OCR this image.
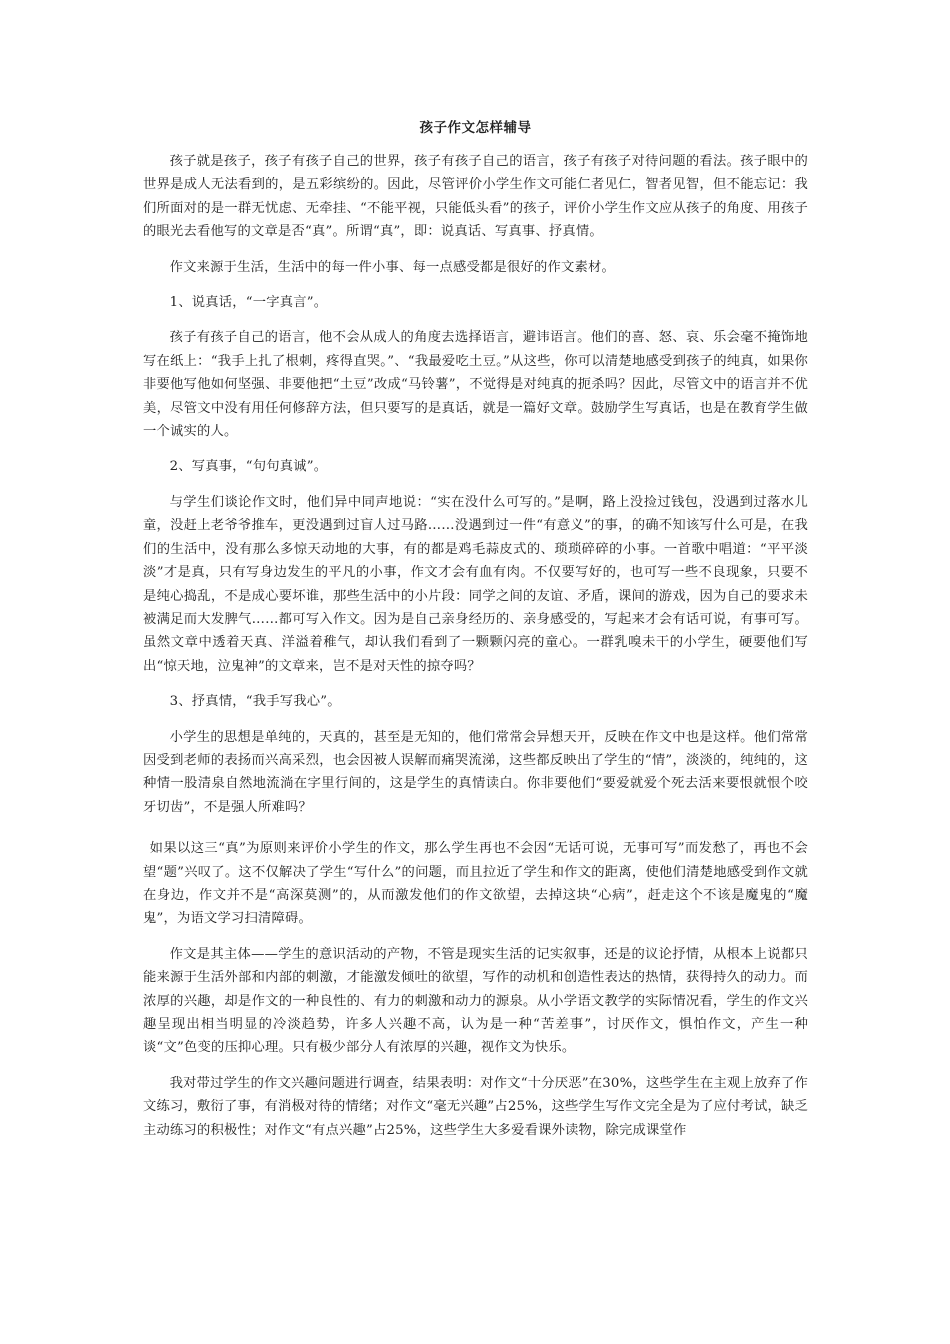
孩子作文怎样辅导

孩子就是孩子，孩子有孩子自己的世界，孩子有孩子自己的语言，孩子有孩子对待问题的看法。孩子眼中的世界是成人无法看到的，是五彩缤纷的。因此，尽管评价小学生作文可能仁者见仁，智者见智，但不能忘记：我们所面对的是一群无忧虑、无牵挂、“不能平视，只能低头看”的孩子，评价小学生作文应从孩子的角度、用孩子的眼光去看他写的文章是否“真”。所谓“真”，即：说真话、写真事、抒真情。

作文来源于生活，生活中的每一件小事、每一点感受都是很好的作文素材。

1、说真话，“一字真言”。

孩子有孩子自己的语言，他不会从成人的角度去选择语言，避讳语言。他们的喜、怒、哀、乐会毫不掩饰地写在纸上：“我手上扎了根刺，疼得直哭。”、“我最爱吃土豆。”从这些，你可以清楚地感受到孩子的纯真，如果你非要他写他如何坚强、非要他把“土豆”改成“马铃薯”，不觉得是对纯真的扼杀吗？因此，尽管文中的语言并不优美，尽管文中没有用任何修辞方法，但只要写的是真话，就是一篇好文章。鼓励学生写真话，也是在教育学生做一个诚实的人。

2、写真事，“句句真诚”。

与学生们谈论作文时，他们异中同声地说：“实在没什么可写的。”是啊，路上没捡过钱包，没遇到过落水儿童，没赶上老爷爷推车，更没遇到过盲人过马路……没遇到过一件“有意义”的事，的确不知该写什么可是，在我们的生活中，没有那么多惊天动地的大事，有的都是鸡毛蒜皮式的、琐琐碎碎的小事。一首歌中唱道：“平平淡淡”才是真，只有写身边发生的平凡的小事，作文才会有血有肉。不仅要写好的，也可写一些不良现象，只要不是纯心捣乱，不是成心要坏谁，那些生活中的小片段：同学之间的友谊、矛盾，课间的游戏，因为自己的要求未被满足而大发脾气……都可写入作文。因为是自己亲身经历的、亲身感受的，写起来才会有话可说，有事可写。虽然文章中透着天真、洋溢着稚气，却认我们看到了一颗颗闪亮的童心。一群乳嗅未干的小学生，硬要他们写出“惊天地，泣鬼神”的文章来，岂不是对天性的掠夺吗？

3、抒真情，“我手写我心”。

小学生的思想是单纯的，天真的，甚至是无知的，他们常常会异想天开，反映在作文中也是这样。他们常常因受到老师的表扬而兴高采烈，也会因被人误解而痛哭流涕，这些都反映出了学生的“情”，淡淡的，纯纯的，这种情一股清泉自然地流淌在字里行间的，这是学生的真情读白。你非要他们“要爱就爱个死去活来要恨就恨个咬牙切齿”，不是强人所难吗？

如果以这三“真”为原则来评价小学生的作文，那么学生再也不会因“无话可说，无事可写”而发愁了，再也不会望“题”兴叹了。这不仅解决了学生“写什么”的问题，而且拉近了学生和作文的距离，使他们清楚地感受到作文就在身边，作文并不是“高深莫测”的，从而激发他们的作文欲望，去掉这块“心病”，赶走这个不该是魔鬼的“魔鬼”，为语文学习扫清障碍。

作文是其主体——学生的意识活动的产物，不管是现实生活的记实叙事，还是的议论抒情，从根本上说都只能来源于生活外部和内部的刺激，才能激发倾吐的欲望，写作的动机和创造性表达的热情，获得持久的动力。而浓厚的兴趣，却是作文的一种良性的、有力的刺激和动力的源泉。从小学语文教学的实际情况看，学生的作文兴趣呈现出相当明显的冷淡趋势，许多人兴趣不高，认为是一种“苦差事”，讨厌作文，惧怕作文，产生一种谈“文”色变的压抑心理。只有极少部分人有浓厚的兴趣，视作文为快乐。

我对带过学生的作文兴趣问题进行调查，结果表明：对作文“十分厌恶”在30%，这些学生在主观上放弃了作文练习，敷衍了事，有消极对待的情绪；对作文“毫无兴趣”占25%，这些学生写作文完全是为了应付考试，缺乏主动练习的积极性；对作文“有点兴趣”占25%，这些学生大多爱看课外读物，除完成课堂作
